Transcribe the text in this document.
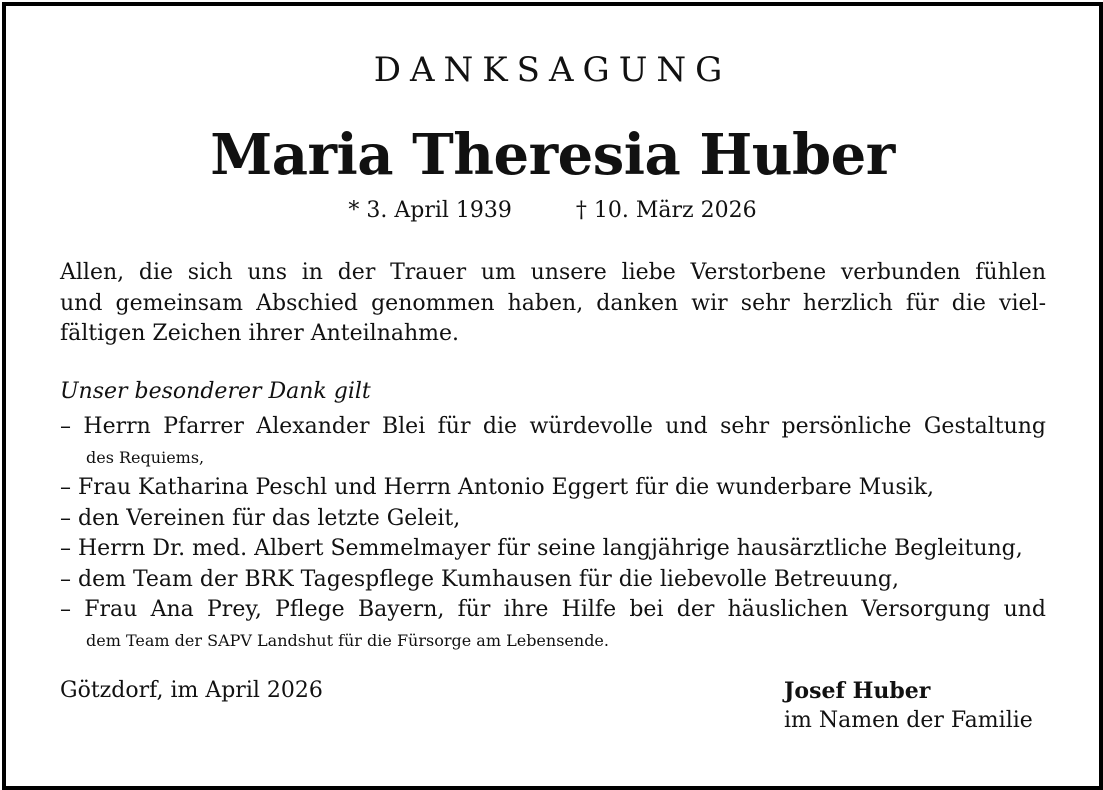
DANKSAGUNG
Maria Theresia Huber
* 3. April 1939	† 10. März 2026
Allen, die sich uns in der Trauer um unsere liebe Verstorbene verbunden fühlen
und gemeinsam Abschied genommen haben, danken wir sehr herzlich für die viel-
fältigen Zeichen ihrer Anteilnahme.
Unser besonderer Dank gilt
– Herrn Pfarrer Alexander Blei für die würdevolle und sehr persönliche Gestaltung
des Requiems,
– Frau Katharina Peschl und Herrn Antonio Eggert für die wunderbare Musik,
– den Vereinen für das letzte Geleit,
– Herrn Dr. med. Albert Semmelmayer für seine langjährige hausärztliche Begleitung,
– dem Team der BRK Tagespflege Kumhausen für die liebevolle Betreuung,
– Frau Ana Prey, Pflege Bayern, für ihre Hilfe bei der häuslichen Versorgung und
dem Team der SAPV Landshut für die Fürsorge am Lebensende.
Götzdorf, im April 2026	Josef Huber
im Namen der Familie
